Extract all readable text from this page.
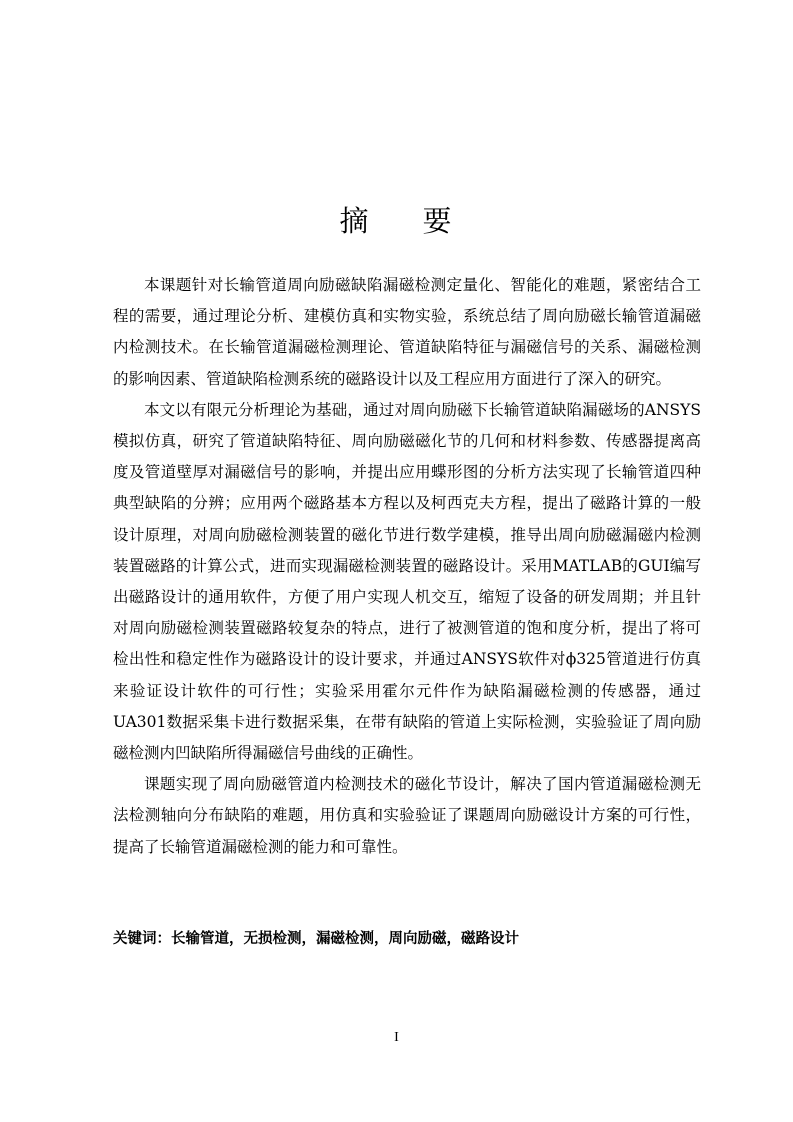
摘 要

本课题针对长输管道周向励磁缺陷漏磁检测定量化、智能化的难题，紧密结合工程的需要，通过理论分析、建模仿真和实物实验，系统总结了周向励磁长输管道漏磁内检测技术。在长输管道漏磁检测理论、管道缺陷特征与漏磁信号的关系、漏磁检测的影响因素、管道缺陷检测系统的磁路设计以及工程应用方面进行了深入的研究。

本文以有限元分析理论为基础，通过对周向励磁下长输管道缺陷漏磁场的ANSYS模拟仿真，研究了管道缺陷特征、周向励磁磁化节的几何和材料参数、传感器提离高度及管道壁厚对漏磁信号的影响，并提出应用蝶形图的分析方法实现了长输管道四种典型缺陷的分辨；应用两个磁路基本方程以及柯西克夫方程，提出了磁路计算的一般设计原理，对周向励磁检测装置的磁化节进行数学建模，推导出周向励磁漏磁内检测装置磁路的计算公式，进而实现漏磁检测装置的磁路设计。采用MATLAB的GUI编写出磁路设计的通用软件，方便了用户实现人机交互，缩短了设备的研发周期；并且针对周向励磁检测装置磁路较复杂的特点，进行了被测管道的饱和度分析，提出了将可检出性和稳定性作为磁路设计的设计要求，并通过ANSYS软件对ϕ325管道进行仿真来验证设计软件的可行性；实验采用霍尔元件作为缺陷漏磁检测的传感器，通过UA301数据采集卡进行数据采集，在带有缺陷的管道上实际检测，实验验证了周向励磁检测内凹缺陷所得漏磁信号曲线的正确性。

课题实现了周向励磁管道内检测技术的磁化节设计，解决了国内管道漏磁检测无法检测轴向分布缺陷的难题，用仿真和实验验证了课题周向励磁设计方案的可行性，提高了长输管道漏磁检测的能力和可靠性。

关键词：长输管道，无损检测，漏磁检测，周向励磁，磁路设计
I
